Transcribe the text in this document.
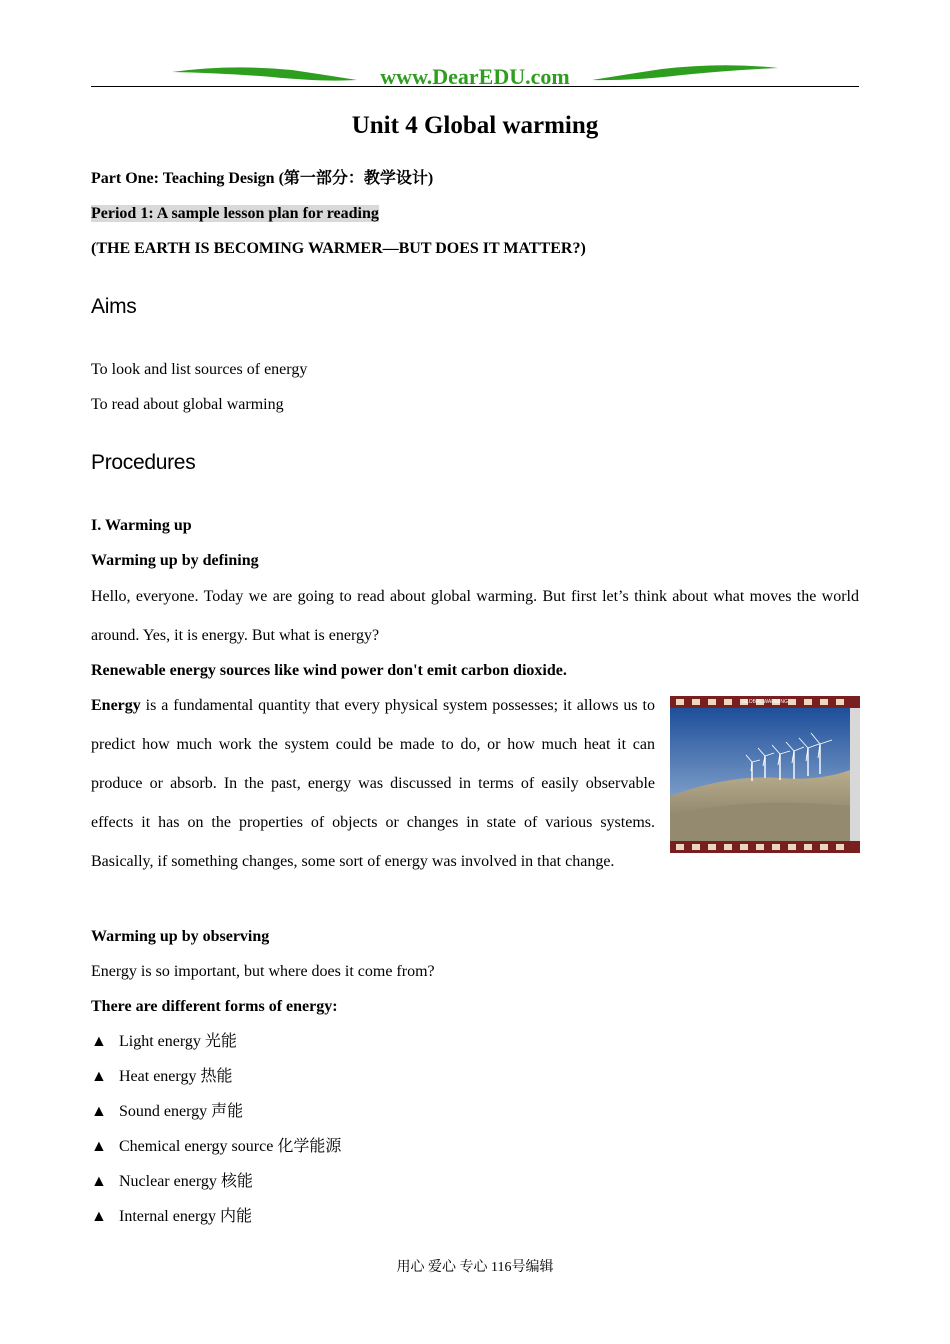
www.DearEDU.com
Unit 4 Global warming
Part One: Teaching Design (第一部分：教学设计)
Period 1: A sample lesson plan for reading
(THE EARTH IS BECOMING WARMER—BUT DOES IT MATTER?)
Aims
To look and list sources of energy
To read about global warming
Procedures
I. Warming up
Warming up by defining
Hello, everyone. Today we are going to read about global warming. But first let’s think about what moves the world around. Yes, it is energy. But what is energy?
Renewable energy sources like wind power don't emit carbon dioxide.
Energy is a fundamental quantity that every physical system possesses; it allows us to predict how much work the system could be made to do, or how much heat it can produce or absorb. In the past, energy was discussed in terms of easily observable effects it has on the properties of objects or changes in state of various systems. Basically, if something changes, some sort of energy was involved in that change.
GLOBAL WARMING
Warming up by observing
Energy is so important, but where does it come from?
There are different forms of energy:
▲ Light energy 光能
▲ Heat energy 热能
▲ Sound energy 声能
▲ Chemical energy source 化学能源
▲ Nuclear energy 核能
▲ Internal energy 内能
用心 爱心 专心 116号编辑
